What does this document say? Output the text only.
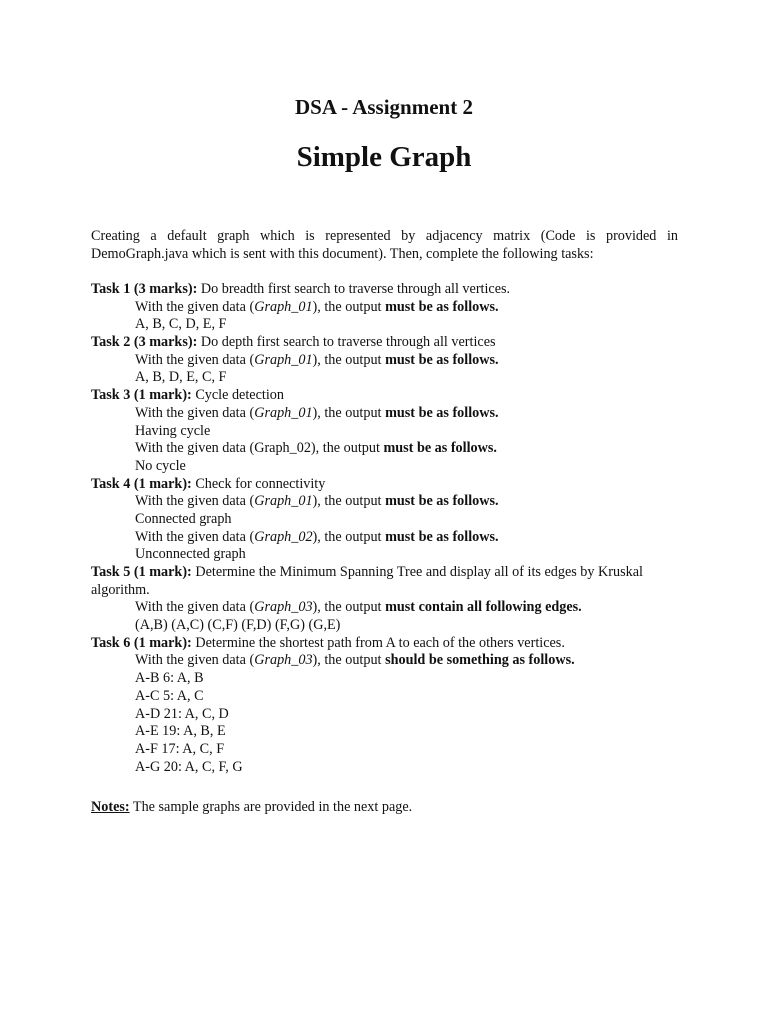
DSA - Assignment 2
Simple Graph
Creating a default graph which is represented by adjacency matrix (Code is provided in DemoGraph.java which is sent with this document). Then, complete the following tasks:
Task 1 (3 marks): Do breadth first search to traverse through all vertices.
With the given data (Graph_01), the output must be as follows.
A, B, C, D, E, F
Task 2 (3 marks): Do depth first search to traverse through all vertices
With the given data (Graph_01), the output must be as follows.
A, B, D, E, C, F
Task 3 (1 mark): Cycle detection
With the given data (Graph_01), the output must be as follows.
Having cycle
With the given data (Graph_02), the output must be as follows.
No cycle
Task 4 (1 mark): Check for connectivity
With the given data (Graph_01), the output must be as follows.
Connected graph
With the given data (Graph_02), the output must be as follows.
Unconnected graph
Task 5 (1 mark): Determine the Minimum Spanning Tree and display all of its edges by Kruskal algorithm.
With the given data (Graph_03), the output must contain all following edges.
(A,B) (A,C) (C,F) (F,D) (F,G) (G,E)
Task 6 (1 mark): Determine the shortest path from A to each of the others vertices.
With the given data (Graph_03), the output should be something as follows.
A-B 6: A, B
A-C 5: A, C
A-D 21: A, C, D
A-E 19: A, B, E
A-F 17: A, C, F
A-G 20: A, C, F, G
Notes: The sample graphs are provided in the next page.
